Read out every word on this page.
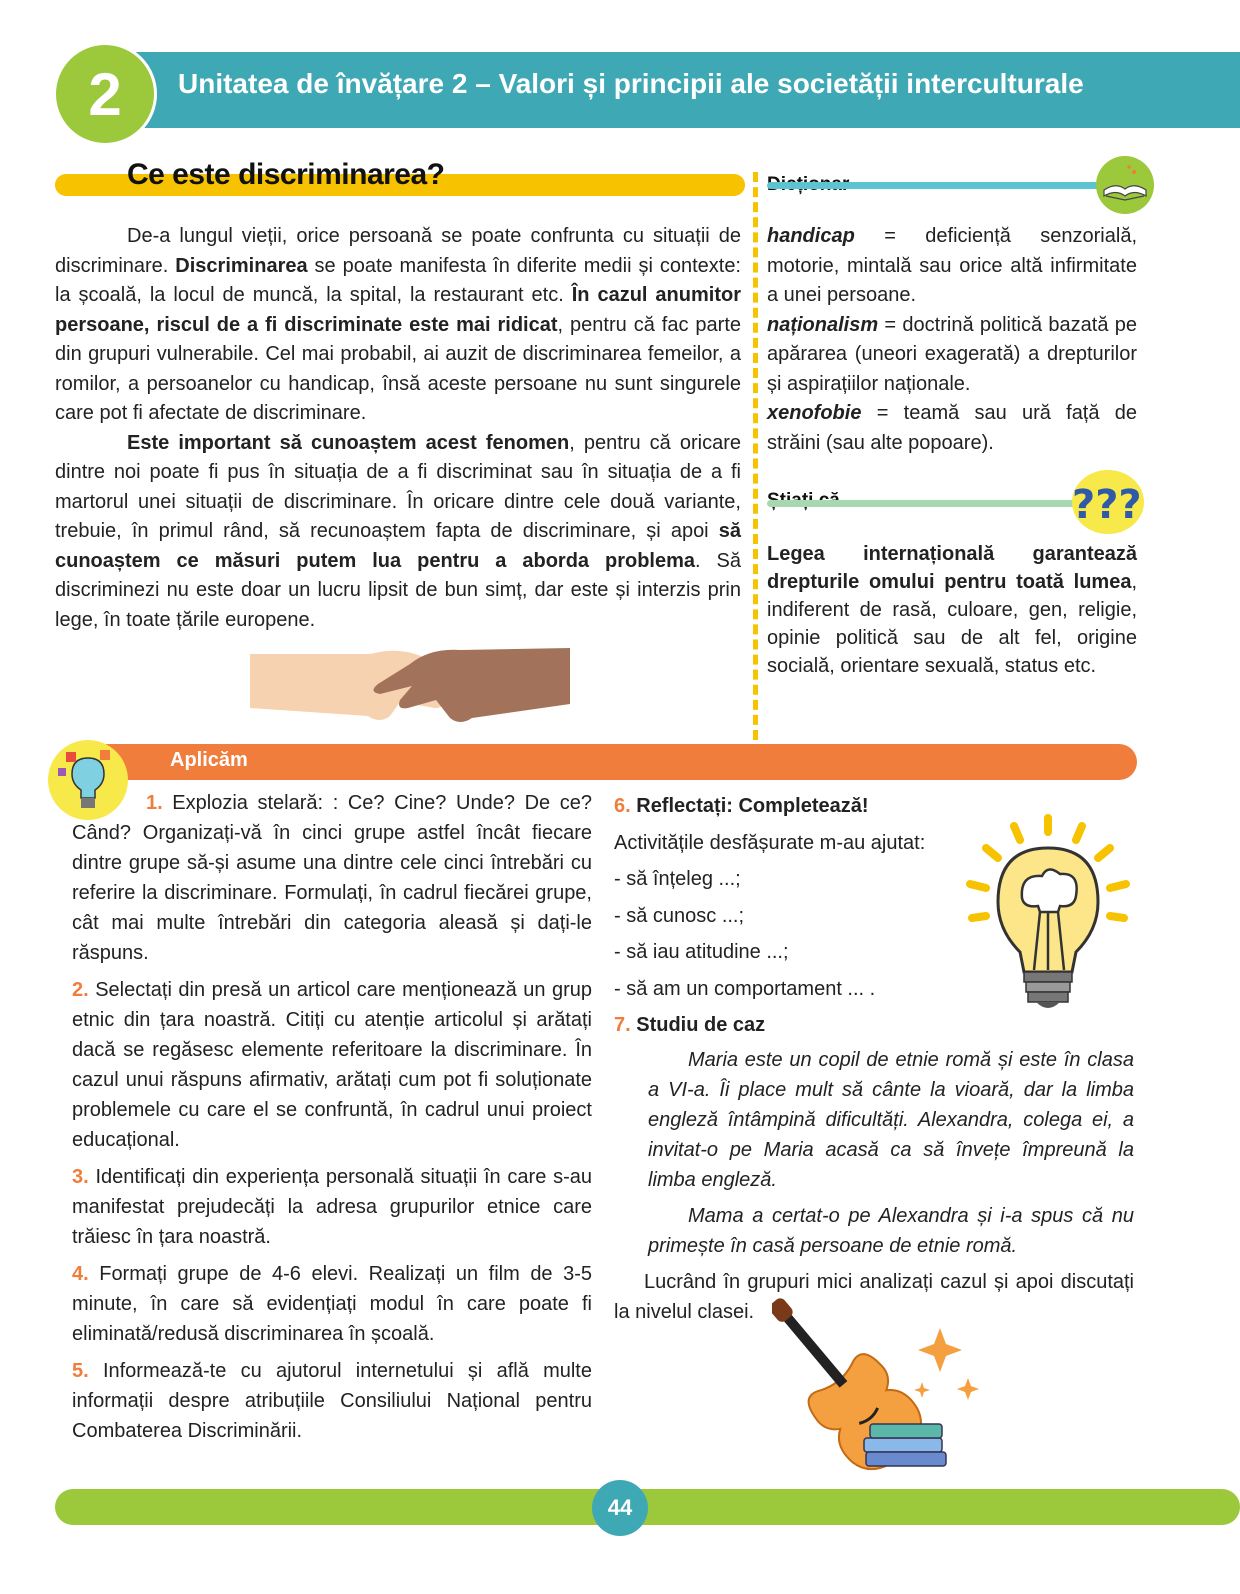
Unitatea de învățare 2 – Valori și principii ale societății interculturale
2
Ce este discriminarea?

De-a lungul vieții, orice persoană se poate confrunta cu situații de discriminare. Discriminarea se poate manifesta în diferite medii și contexte: la școală, la locul de muncă, la spital, la restaurant etc. În cazul anumitor persoane, riscul de a fi discriminate este mai ridicat, pentru că fac parte din grupuri vulnerabile. Cel mai probabil, ai auzit de discriminarea femeilor, a romilor, a persoanelor cu handicap, însă aceste persoane nu sunt singurele care pot fi afectate de discriminare.

Este important să cunoaștem acest fenomen, pentru că oricare dintre noi poate fi pus în situația de a fi discriminat sau în situația de a fi martorul unei situații de discriminare. În oricare dintre cele două variante, trebuie, în primul rând, să recunoaștem fapta de discriminare, și apoi să cunoaștem ce măsuri putem lua pentru a aborda problema. Să discriminezi nu este doar un lucru lipsit de bun simț, dar este și interzis prin lege, în toate țările europene.

handicap = deficiență senzorială, motorie, mintală sau orice altă infirmitate a unei persoane.

naționalism = doctrină politică bazată pe apărarea (uneori exagerată) a drepturilor și aspirațiilor naționale.

xenofobie = teamă sau ură față de străini (sau alte popoare).

???

Legea internațională garantează drepturile omului pentru toată lumea, indiferent de rasă, culoare, gen, religie, opinie politică sau de alt fel, origine socială, orientare sexuală, status etc.

Aplicăm

1. Explozia stelară: : Ce? Cine? Unde? De ce? Când? Organizați-vă în cinci grupe astfel încât fiecare dintre grupe să-și asume una dintre cele cinci întrebări cu referire la discriminare. Formulați, în cadrul fiecărei grupe, cât mai multe întrebări din categoria aleasă și dați-le răspuns.

2. Selectați din presă un articol care menționează un grup etnic din țara noastră. Citiți cu atenție articolul și arătați dacă se regăsesc elemente referitoare la discriminare. În cazul unui răspuns afirmativ, arătați cum pot fi soluționate problemele cu care el se confruntă, în cadrul unui proiect educațional.

3. Identificați din experiența personală situații în care s-au manifestat prejudecăți la adresa grupurilor etnice care trăiesc în țara noastră.

4. Formați grupe de 4-6 elevi. Realizați un film de 3-5 minute, în care să evidențiați modul în care poate fi eliminată/redusă discriminarea în școală.

5. Informează-te cu ajutorul internetului și află multe informații despre atribuțiile Consiliului Național pentru Combaterea Discriminării.

6. Reflectați: Completează!

Activitățile desfășurate m-au ajutat:

- să înțeleg ...;

- să cunosc ...;

- să iau atitudine ...;

- să am un comportament ... .

7. Studiu de caz

Maria este un copil de etnie romă și este în clasa a VI-a. Îi place mult să cânte la vioară, dar la limba engleză întâmpină dificultăți. Alexandra, colega ei, a invitat-o pe Maria acasă ca să învețe împreună la limba engleză.

Mama a certat-o pe Alexandra și i-a spus că nu primește în casă persoane de etnie romă.

Lucrând în grupuri mici analizați cazul și apoi discutați la nivelul clasei.

44
